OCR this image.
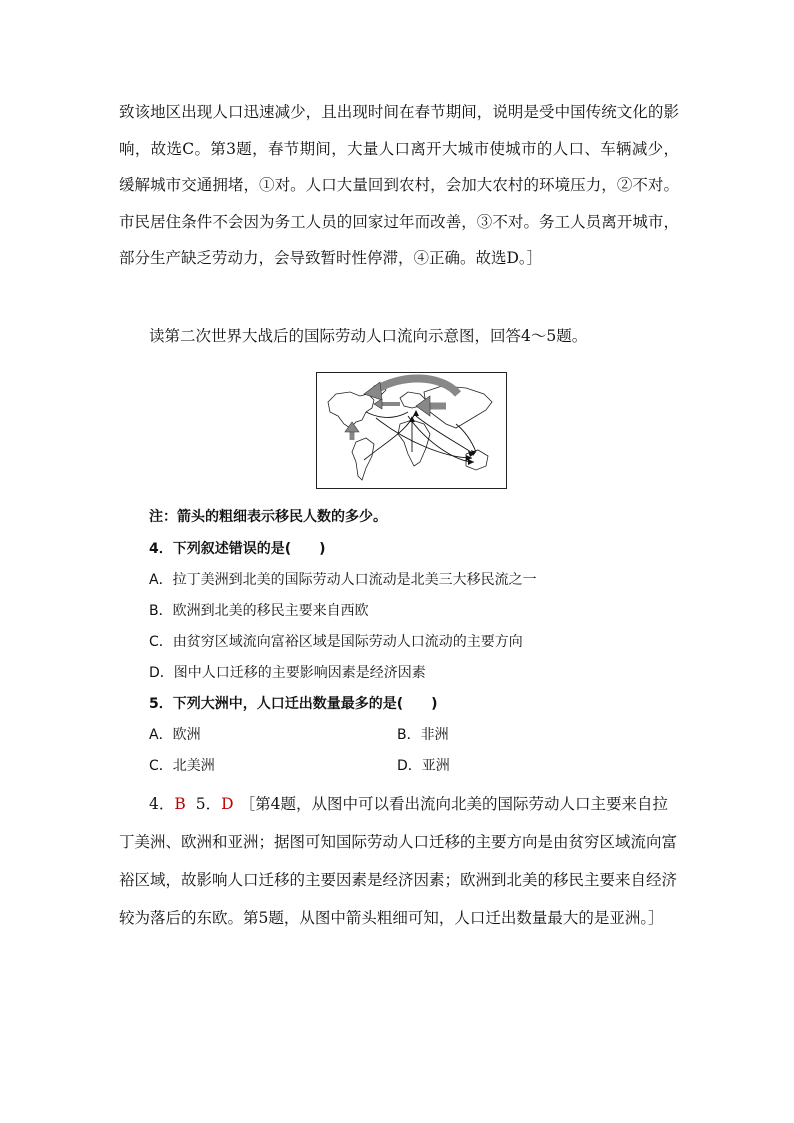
致该地区出现人口迅速减少，且出现时间在春节期间，说明是受中国传统文化的影响，故选C。第3题，春节期间，大量人口离开大城市使城市的人口、车辆减少，缓解城市交通拥堵，①对。人口大量回到农村，会加大农村的环境压力，②不对。市民居住条件不会因为务工人员的回家过年而改善，③不对。务工人员离开城市，部分生产缺乏劳动力，会导致暂时性停滞，④正确。故选D。］

读第二次世界大战后的国际劳动人口流向示意图，回答4～5题。

注：箭头的粗细表示移民人数的多少。

4．下列叙述错误的是(　　)

A．拉丁美洲到北美的国际劳动人口流动是北美三大移民流之一

B．欧洲到北美的移民主要来自西欧

C．由贫穷区域流向富裕区域是国际劳动人口流动的主要方向

D．图中人口迁移的主要影响因素是经济因素

5．下列大洲中，人口迁出数量最多的是(　　)

A．欧洲	B．非洲

C．北美洲	D．亚洲

4．B 5．D ［第4题，从图中可以看出流向北美的国际劳动人口主要来自拉丁美洲、欧洲和亚洲；据图可知国际劳动人口迁移的主要方向是由贫穷区域流向富裕区域，故影响人口迁移的主要因素是经济因素；欧洲到北美的移民主要来自经济较为落后的东欧。第5题，从图中箭头粗细可知，人口迁出数量最大的是亚洲。］
